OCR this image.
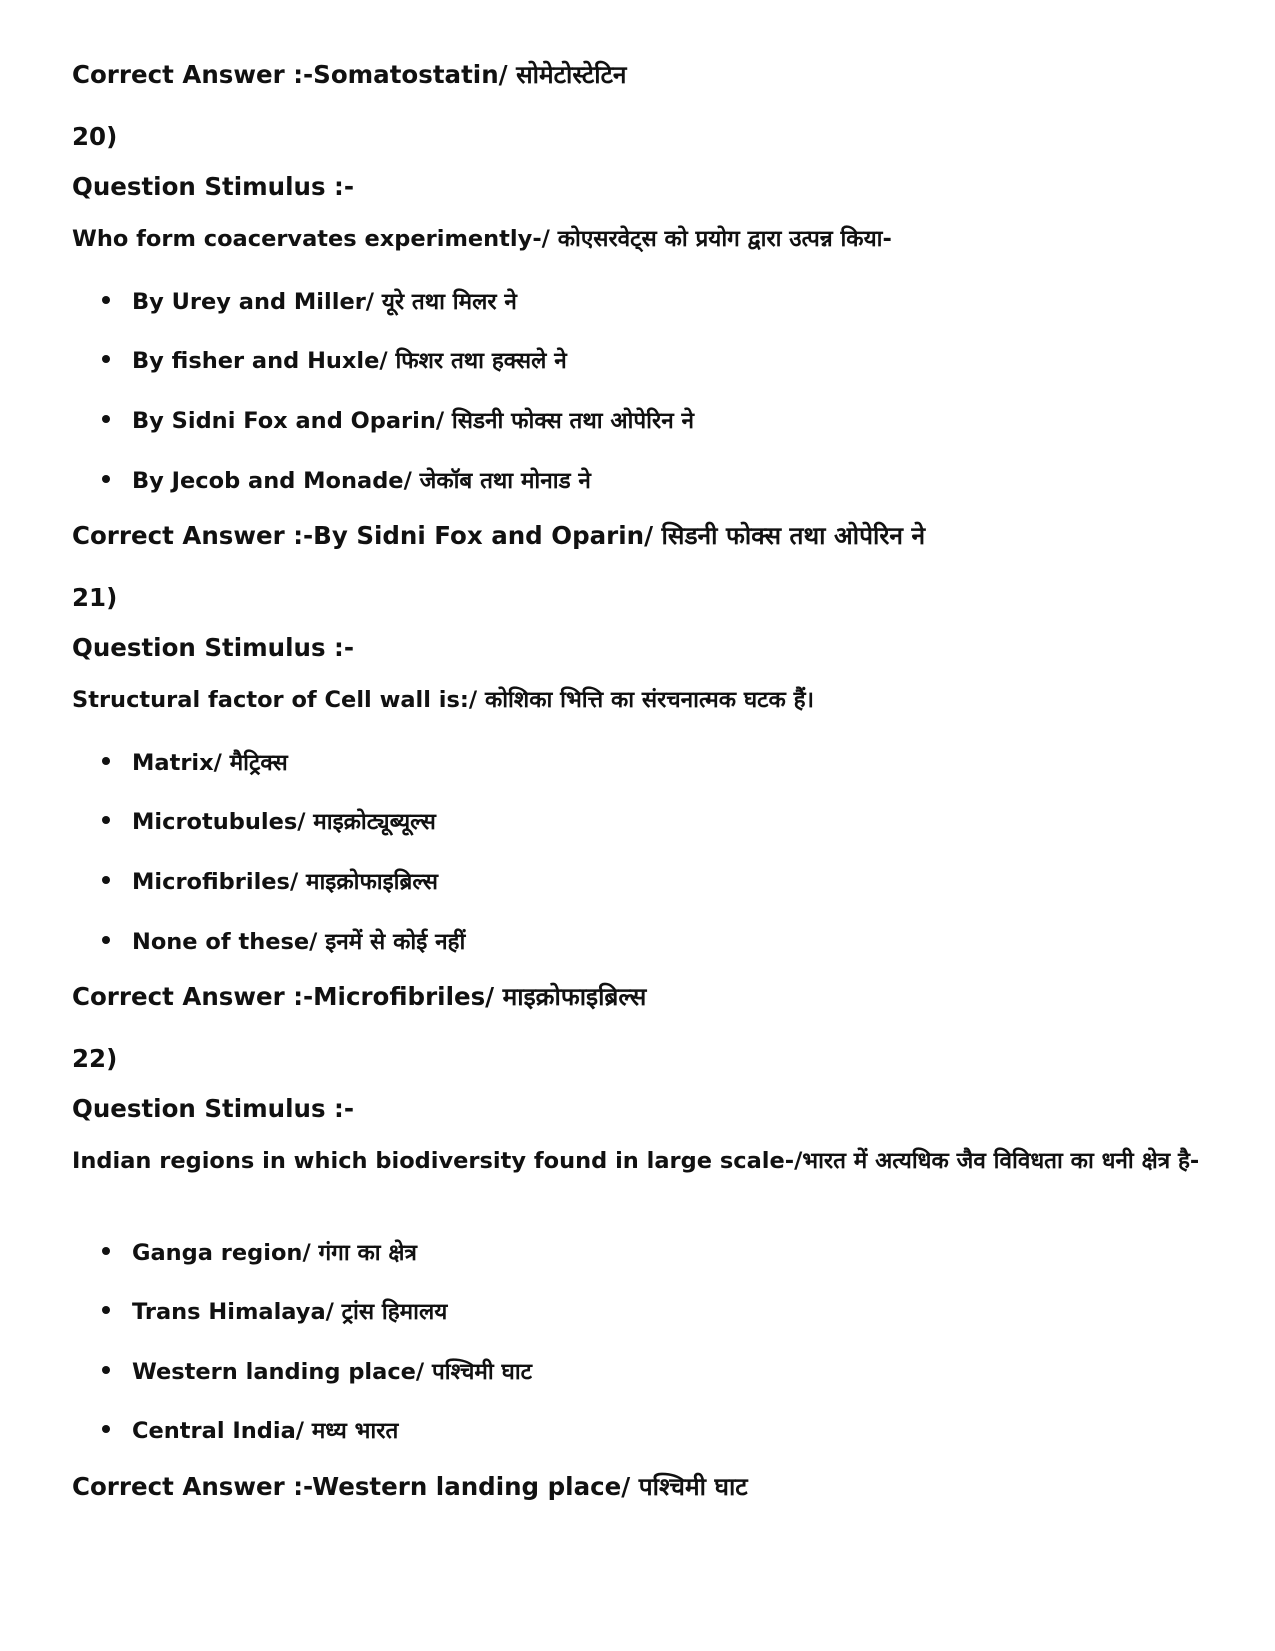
Correct Answer :-Somatostatin/ सोमेटोस्टेटिन
20)
Question Stimulus :-
Who form coacervates experimently-/ कोएसरवेट्स को प्रयोग द्वारा उत्पन्न किया-
By Urey and Miller/ यूरे तथा मिलर ने
By fisher and Huxle/ फिशर तथा हक्सले ने
By Sidni Fox and Oparin/ सिडनी फोक्स तथा ओपेरिन ने
By Jecob and Monade/ जेकॉब तथा मोनाड ने
Correct Answer :-By Sidni Fox and Oparin/ सिडनी फोक्स तथा ओपेरिन ने
21)
Question Stimulus :-
Structural factor of Cell wall is:/ कोशिका भित्ति का संरचनात्मक घटक हैं।
Matrix/ मैट्रिक्स
Microtubules/ माइक्रोट्यूब्यूल्स
Microfibriles/ माइक्रोफाइब्रिल्स
None of these/ इनमें से कोई नहीं
Correct Answer :-Microfibriles/ माइक्रोफाइब्रिल्स
22)
Question Stimulus :-
Indian regions in which biodiversity found in large scale-/भारत में अत्यधिक जैव विविधता का धनी क्षेत्र है-
Ganga region/ गंगा का क्षेत्र
Trans Himalaya/ ट्रांस हिमालय
Western landing place/ पश्चिमी घाट
Central India/ मध्य भारत
Correct Answer :-Western landing place/ पश्चिमी घाट
